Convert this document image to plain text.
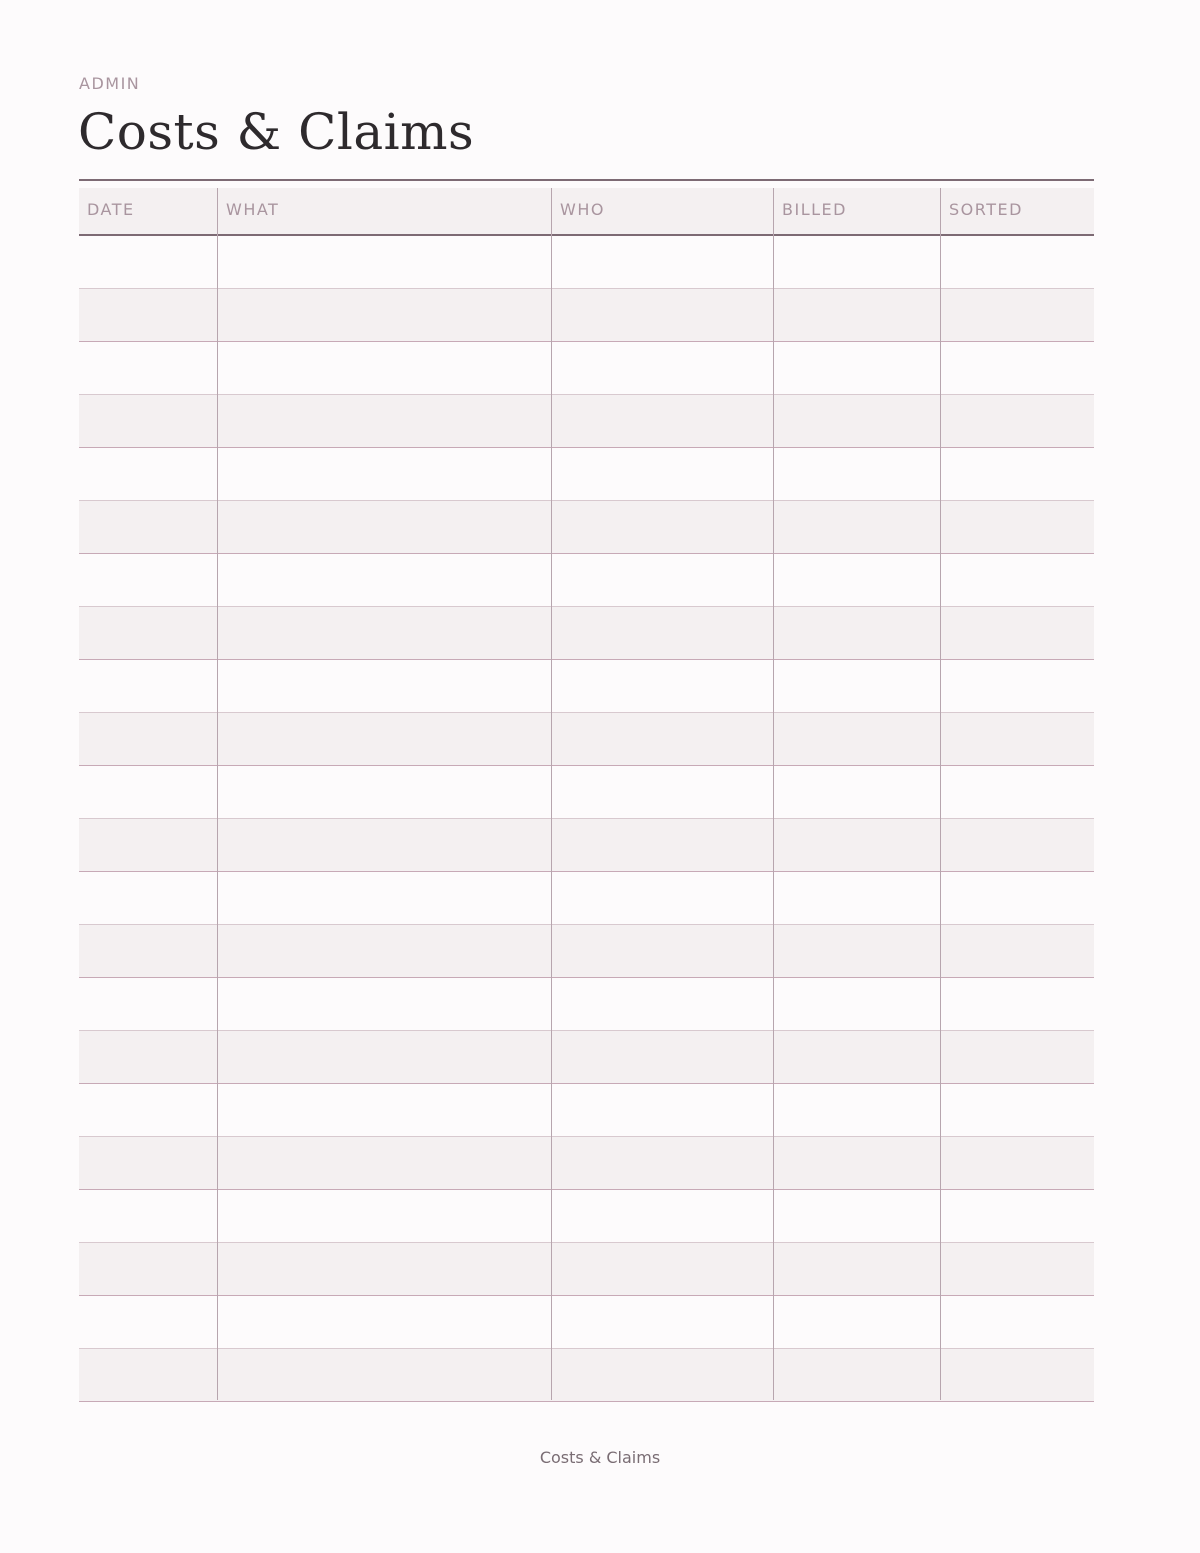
ADMIN
Costs & Claims
DATE	WHAT	WHO	BILLED	SORTED
Costs & Claims
